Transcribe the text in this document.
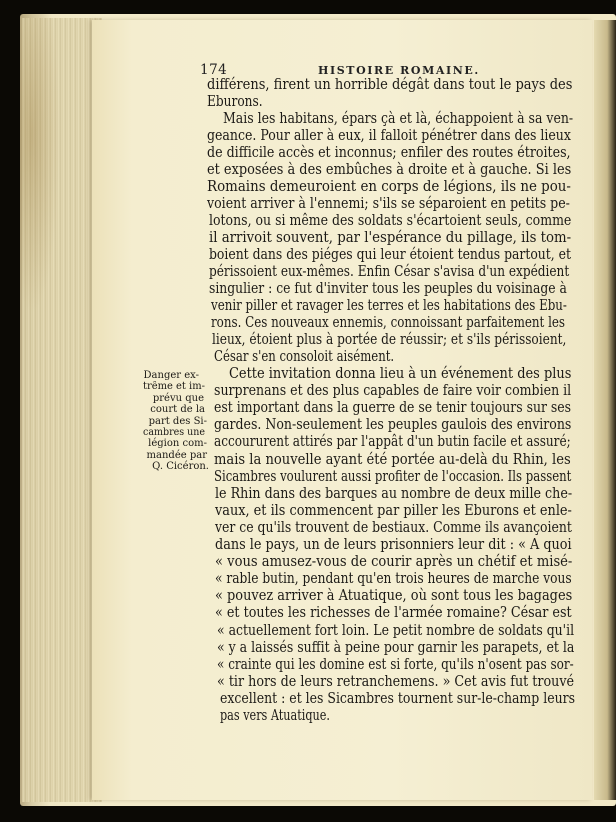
174	HISTOIRE ROMAINE.
Danger ex-
trême et im-
prévu que
court de la
part des Si-
cambres une
légion com-
mandée par
Q. Cicéron.
différens, firent un horrible dégât dans tout le pays des
Eburons.
Mais les habitans, épars çà et là, échappoient à sa ven-
geance. Pour aller à eux, il falloit pénétrer dans des lieux
de difficile accès et inconnus; enfiler des routes étroites,
et exposées à des embûches à droite et à gauche. Si les
Romains demeuroient en corps de légions, ils ne pou-
voient arriver à l'ennemi; s'ils se séparoient en petits pe-
lotons, ou si même des soldats s'écartoient seuls, comme
il arrivoit souvent, par l'espérance du pillage, ils tom-
boient dans des piéges qui leur étoient tendus partout, et
périssoient eux-mêmes. Enfin César s'avisa d'un expédient
singulier : ce fut d'inviter tous les peuples du voisinage à
venir piller et ravager les terres et les habitations des Ebu-
rons. Ces nouveaux ennemis, connoissant parfaitement les
lieux, étoient plus à portée de réussir; et s'ils périssoient,
César s'en consoloit aisément.
Cette invitation donna lieu à un événement des plus
surprenans et des plus capables de faire voir combien il
est important dans la guerre de se tenir toujours sur ses
gardes. Non-seulement les peuples gaulois des environs
accoururent attirés par l'appât d'un butin facile et assuré;
mais la nouvelle ayant été portée au-delà du Rhin, les
Sicambres voulurent aussi profiter de l'occasion. Ils passent
le Rhin dans des barques au nombre de deux mille che-
vaux, et ils commencent par piller les Eburons et enle-
ver ce qu'ils trouvent de bestiaux. Comme ils avançoient
dans le pays, un de leurs prisonniers leur dit : « A quoi
« vous amusez-vous de courir après un chétif et misé-
« rable butin, pendant qu'en trois heures de marche vous
« pouvez arriver à Atuatique, où sont tous les bagages
« et toutes les richesses de l'armée romaine? César est
« actuellement fort loin. Le petit nombre de soldats qu'il
« y a laissés suffit à peine pour garnir les parapets, et la
« crainte qui les domine est si forte, qu'ils n'osent pas sor-
« tir hors de leurs retranchemens. » Cet avis fut trouvé
excellent : et les Sicambres tournent sur-le-champ leurs
pas vers Atuatique.
